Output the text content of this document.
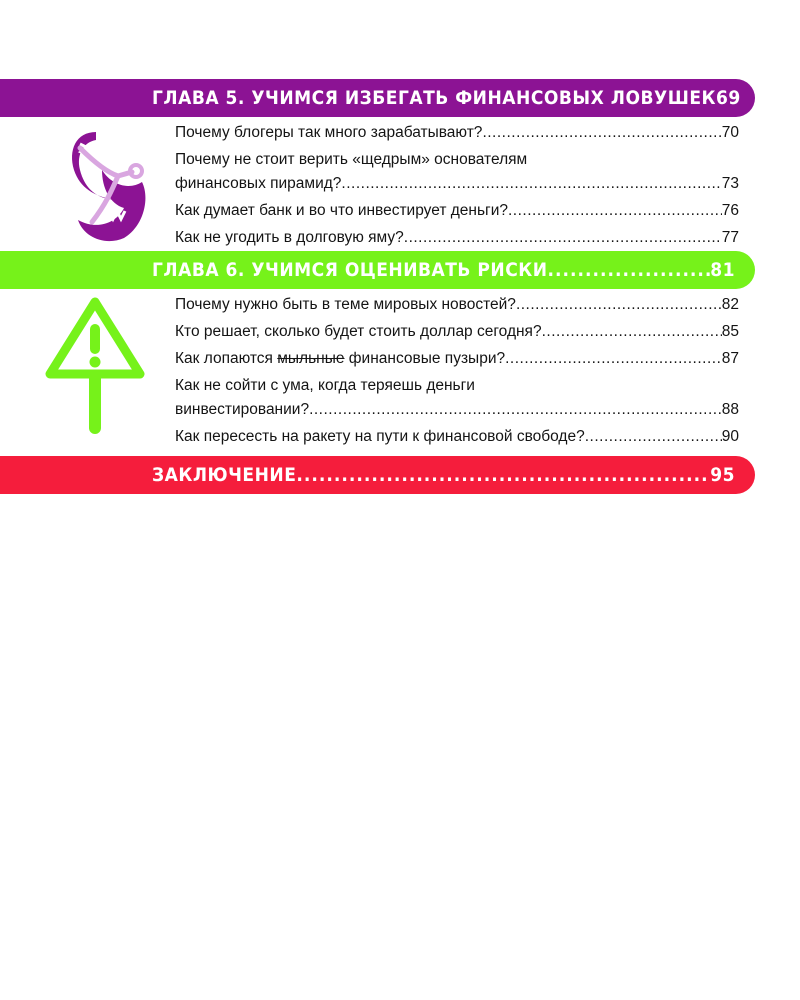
ГЛАВА 5. УЧИМСЯ ИЗБЕГАТЬ ФИНАНСОВЫХ ЛОВУШЕК 69
Почему блогеры так много зарабатывают? .....	70
Почему не стоит верить «щедрым» основателям
финансовых пирамид? .....	73
Как думает банк и во что инвестирует деньги? .....	76
Как не угодить в долговую яму? .....	77
ГЛАВА 6. УЧИМСЯ ОЦЕНИВАТЬ РИСКИ .....	81
Почему нужно быть в теме мировых новостей? .....	82
Кто решает, сколько будет стоить доллар сегодня? .....	85
Как лопаются мыльные финансовые пузыри? .....	87
Как не сойти с ума, когда теряешь деньги
винвестировании? .....	88
Как пересесть на ракету на пути к финансовой свободе? .....	90
ЗАКЛЮЧЕНИЕ .....	95
